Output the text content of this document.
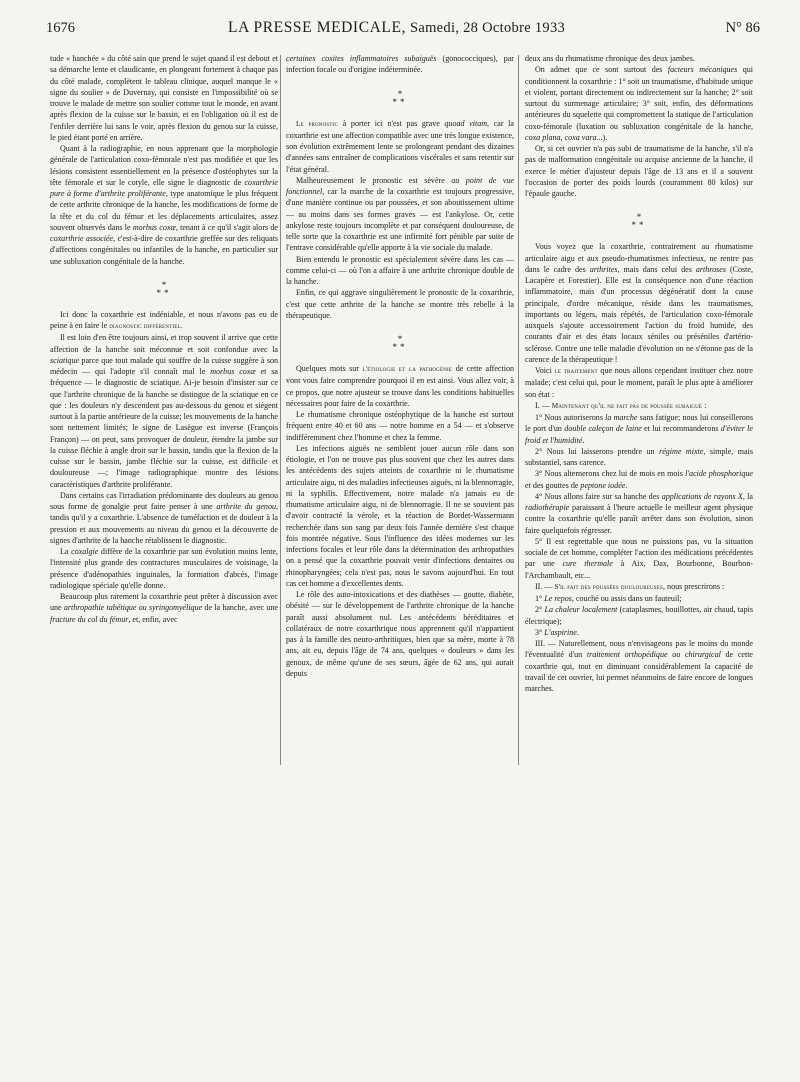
1676	LA PRESSE MEDICALE, Samedi, 28 Octobre 1933	N° 86

tude « hanchée » du côté sain que prend le sujet quand il est debout et sa démarche lente et claudicante, en plongeant fortement à chaque pas du côté malade, complètent le tableau clinique, auquel manque le « signe du soulier » de Duvernay, qui consiste en l'impossibilité où se trouve le malade de mettre son soulier comme tout le monde, en avant après flexion de la cuisse sur le bassin, et en l'obligation où il est de l'enfiler derrière lui sans le voir, après flexion du genou sur la cuisse, le pied étant porté en arrière.

Quant à la radiographie, en nous apprenant que la morphologie générale de l'articulation coxo-fémorale n'est pas modifiée et que les lésions consistent essentiellement en la présence d'ostéophytes sur la tête fémorale et sur le cotyle, elle signe le diagnostic de coxarthrie pure à forme d'arthrite proliférante, type anatomique le plus fréquent de cette arthrite chronique de la hanche, les modifications de forme de la tête et du col du fémur et les déplacements articulaires, assez souvent observés dans le morbus coxæ, tenant à ce qu'il s'agit alors de coxarthrie associée, c'est-à-dire de coxarthrie greffée sur des reliquats d'affections congénitales ou infantiles de la hanche, en particulier sur une subluxation congénitale de la hanche.

*
**

Ici donc la coxarthrie est indéniable, et nous n'avons pas eu de peine à en faire le diagnostic différentiel.

Il est loin d'en être toujours ainsi, et trop souvent il arrive que cette affection de la hanche soit méconnue et soit confondue avec la sciatique parce que tout malade qui souffre de la cuisse suggère à son médecin — qui l'adopte s'il connaît mal le morbus coxæ et sa fréquence — le diagnostic de sciatique. Ai-je besoin d'insister sur ce que l'arthrite chronique de la hanche se distingue de la sciatique en ce que : les douleurs n'y descendent pas au-dessous du genou et siègent surtout à la partie antérieure de la cuisse; les mouvements de la hanche sont nettement limités; le signe de Lasègue est inverse (François Franςon) — on peut, sans provoquer de douleur, étendre la jambe sur la cuisse fléchie à angle droit sur le bassin, tandis que la flexion de la cuisse sur le bassin, jambe fléchie sur la cuisse, est difficile et douloureuse —; l'image radiographique montre des lésions caractéristiques d'arthrite proliférante.

Dans certains cas l'irradiation prédominante des douleurs au genou sous forme de gonalgie peut faire penser à une arthrite du genou, tandis qu'il y a coxarthrie. L'absence de tuméfaction et de douleur à la pression et aux mouvements au niveau du genou et la découverte de signes d'arthrite de la hanche rétablissent le diagnostic.

La coxalgie diffère de la coxarthrie par son évolution moins lente, l'intensité plus grande des contractures musculaires de voisinage, la présence d'adénopathies inguinales, la formation d'abcès, l'image radiologique spéciale qu'elle donne.

Beaucoup plus rarement la coxarthrie peut prêter à discussion avec une arthropathie tabétique ou syringomyélique de la hanche, avec une fracture du col du fémur, et, enfin, avec

certaines coxites inflammatoires subaiguës (gonococciques), par infection focale ou d'origine indéterminée.

*
**

Le pronostic à porter ici n'est pas grave quoad vitam, car la coxarthrie est une affection compatible avec une très longue existence, son évolution extrêmement lente se prolongeant pendant des dizaines d'années sans entraîner de complications viscérales et sans retentir sur l'état général.

Malheureusement le pronostic est sévère au point de vue fonctionnel, car la marche de la coxarthrie est toujours progressive, d'une manière continue ou par poussées, et son aboutissement ultime — au moins dans ses formes graves — est l'ankylose. Or, cette ankylose reste toujours incomplète et par conséquent douloureuse, de telle sorte que la coxarthrie est une infirmité fort pénible par suite de l'entrave considérable qu'elle apporte à la vie sociale du malade.

Bien entendu le pronostic est spécialement sévère dans les cas — comme celui-ci — où l'on a affaire à une arthrite chronique double de la hanche.

Enfin, ce qui aggrave singulièrement le pronostic de la coxarthrie, c'est que cette arthrite de la hanche se montre très rebelle à la thérapeutique.

*
**

Quelques mots sur l'étiologie et la pathogénie de cette affection vont vous faire comprendre pourquoi il en est ainsi. Vous allez voir, à ce propos, que notre ajusteur se trouve dans les conditions habituelles nécessaires pour faire de la coxarthrie.

Le rhumatisme chronique ostéophytique de la hanche est surtout fréquent entre 40 et 60 ans — notre homme en a 54 — et s'observe indifféremment chez l'homme et chez la femme.

Les infections aiguës ne semblent jouer aucun rôle dans son étiologie, et l'on ne trouve pas plus souvent que chez les autres dans les antécédents des sujets atteints de coxarthrie ni le rhumatisme articulaire aigu, ni des maladies infectieuses aiguës, ni la blennorragie, ni la syphilis. Effectivement, notre malade n'a jamais eu de rhumatisme articulaire aigu, ni de blennorragie. Il ne se souvient pas d'avoir contracté la vérole, et la réaction de Bordet-Wassermann recherchée dans son sang par deux fois l'année dernière s'est chaque fois montrée négative. Sous l'influence des idées modernes sur les infections focales et leur rôle dans la détermination des arthropathies on a pensé que la coxarthrie pouvait venir d'infections dentaires ou rhinopharyngées; cela n'est pas, nous le savons aujourd'hui. En tout cas cet homme a d'excellentes dents.

Le rôle des auto-intoxications et des diathèses — goutte, diabète, obésité — sur le développement de l'arthrite chronique de la hanche paraît aussi absolument nul. Les antécédents héréditaires et collatéraux de notre coxarthrique nous apprennent qu'il n'appartient pas à la famille des neuro-arthritiques, bien que sa mère, morte à 78 ans, ait eu, depuis l'âge de 74 ans, quelques « douleurs » dans les genoux, de même qu'une de ses sœurs, âgée de 62 ans, qui aurait depuis

deux ans du rhumatisme chronique des deux jambes.

On admet que ce sont surtout des facteurs mécaniques qui conditionnent la coxarthrie : 1° soit un traumatisme, d'habitude unique et violent, portant directement ou indirectement sur la hanche; 2° soit surtout du surmenage articulaire; 3° soit, enfin, des déformations antérieures du squelette qui compromettent la statique de l'articulation coxo-fémorale (luxation ou subluxation congénitale de la hanche, coxa plana, coxa vara...).

Or, si cet ouvrier n'a pas subi de traumatisme de la hanche, s'il n'a pas de malformation congénitale ou acquise ancienne de la hanche, il exerce le métier d'ajusteur depuis l'âge de 13 ans et il a souvent l'occasion de porter des poids lourds (couramment 80 kilos) sur l'épaule gauche.

*
**

Vous voyez que la coxarthrie, contrairement au rhumatisme articulaire aigu et aux pseudo-rhumatismes infectieux, ne rentre pas dans le cadre des arthrites, mais dans celui des arthroses (Coste, Lacapère et Forestier). Elle est la conséquence non d'une réaction inflammatoire, mais d'un processus dégénératif dont la cause principale, d'ordre mécanique, réside dans les traumatismes, importants ou légers, mais répétés, de l'articulation coxo-fémorale auxquels s'ajoute accessoirement l'action du froid humide, des courants d'air et des états locaux séniles ou préséniles d'artério-sclérose. Contre une telle maladie d'évolution on ne s'étonne pas de la carence de la thérapeutique !

Voici le traitement que nous allons cependant instituer chez notre malade; c'est celui qui, pour le moment, paraît le plus apte à améliorer son état :

I. — Maintenant qu'il ne fait pas de poussée subaiguë :

1° Nous autoriserons la marche sans fatigue; nous lui conseillerons le port d'un double caleçon de laine et lui recommanderons d'éviter le froid et l'humidité.

2° Nous lui laisserons prendre un régime mixte, simple, mais substantiel, sans carence.

3° Nous alternerons chez lui de mois en mois l'acide phosphorique et des gouttes de peptone iodée.

4° Nous allons faire sur sa hanche des applications de rayons X, la radiothérapie paraissant à l'heure actuelle le meilleur agent physique contre la coxarthrie qu'elle paraît arrêter dans son évolution, sinon faire quelquefois régresser.

5° Il est regrettable que nous ne puissions pas, vu la situation sociale de cet homme, compléter l'action des médications précédentes par une cure thermale à Aix, Dax, Bourbonne, Bourbon-l'Archambault, etc...

II. — S'il fait des poussées douloureuses, nous prescrirons :

1° Le repos, couché ou assis dans un fauteuil;

2° La chaleur localement (cataplasmes, bouillottes, air chaud, tapis électrique);

3° L'aspirine.

III. — Naturellement, nous n'envisageons pas le moins du monde l'éventualité d'un traitement orthopédique ou chirurgical de cette coxarthrie qui, tout en diminuant considérablement la capacité de travail de cet ouvrier, lui permet néanmoins de faire encore de longues marches.
